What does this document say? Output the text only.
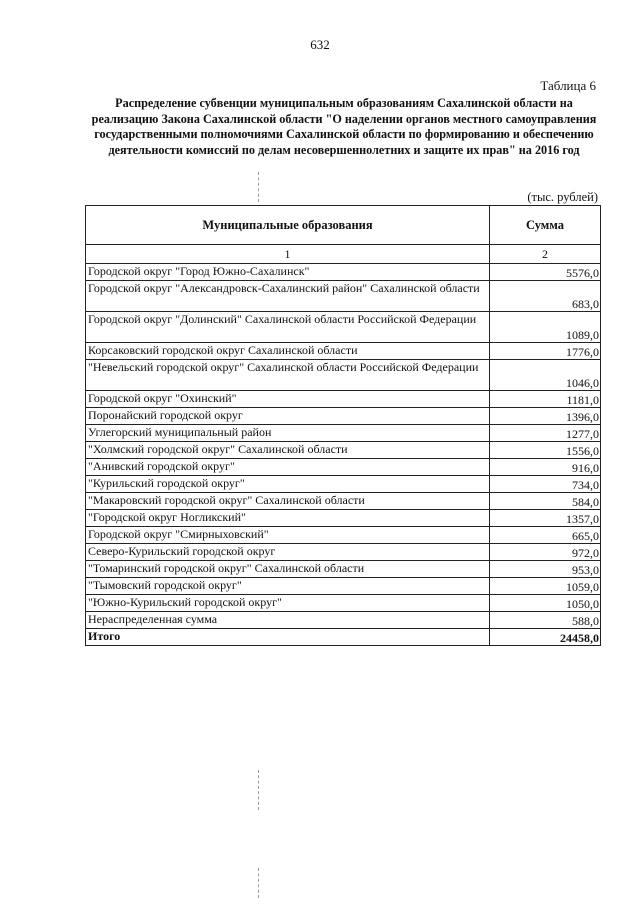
632
Таблица 6
Распределение субвенции муниципальным образованиям Сахалинской области на реализацию Закона Сахалинской области "О наделении органов местного самоуправления государственными полномочиями Сахалинской области по формированию и обеспечению деятельности комиссий по делам несовершеннолетних и защите их прав" на 2016 год
(тыс. рублей)
Муниципальные образования	Сумма
1	2
Городской округ "Город Южно-Сахалинск"	5576,0
Городской округ "Александровск-Сахалинский район" Сахалинской области	683,0
Городской округ "Долинский" Сахалинской области Российской Федерации	1089,0
Корсаковский городской округ Сахалинской области	1776,0
"Невельский городской округ" Сахалинской области Российской Федерации	1046,0
Городской округ "Охинский"	1181,0
Поронайский городской округ	1396,0
Углегорский муниципальный район	1277,0
"Холмский городской округ" Сахалинской области	1556,0
"Анивский городской округ"	916,0
"Курильский городской округ"	734,0
"Макаровский городской округ" Сахалинской области	584,0
"Городской округ Ногликский"	1357,0
Городской округ "Смирныховский"	665,0
Северо-Курильский городской округ	972,0
"Томаринский городской округ" Сахалинской области	953,0
"Тымовский городской округ"	1059,0
"Южно-Курильский городской округ"	1050,0
Нераспределенная сумма	588,0
Итого	24458,0
